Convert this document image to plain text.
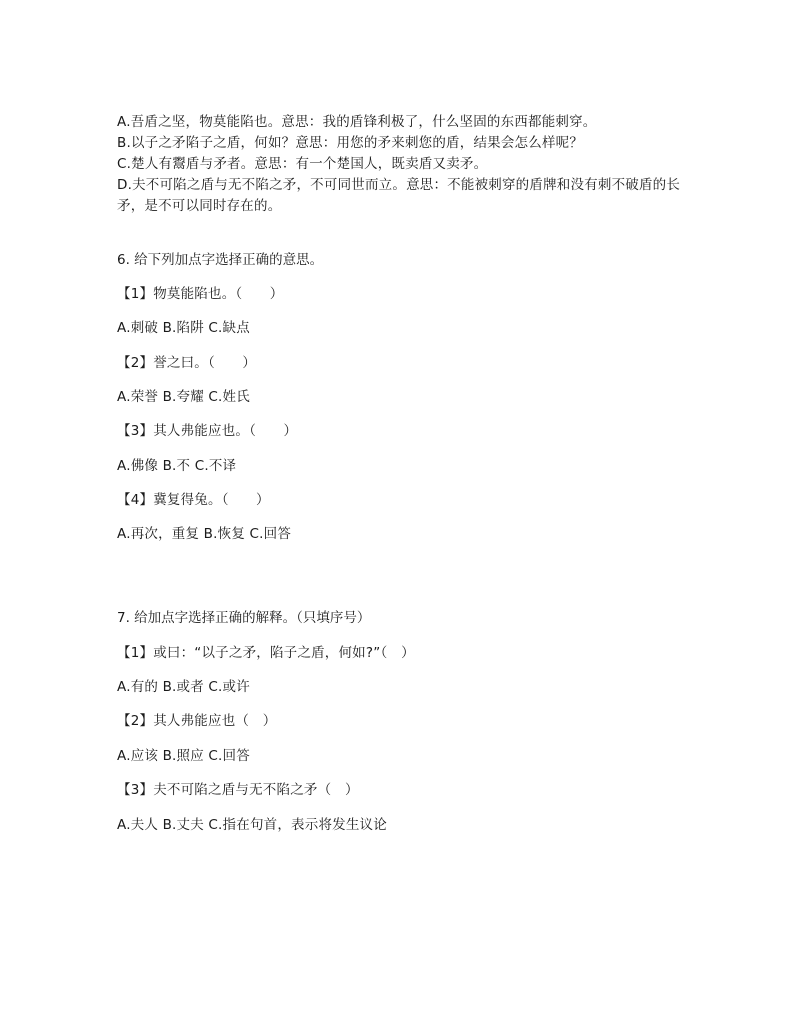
A.吾盾之坚，物莫能陷也。意思：我的盾锋利极了，什么坚固的东西都能刺穿。

B.以子之矛陷子之盾，何如？意思：用您的矛来刺您的盾，结果会怎么样呢？

C.楚人有鬻盾与矛者。意思：有一个楚国人，既卖盾又卖矛。

D.夫不可陷之盾与无不陷之矛，不可同世而立。意思：不能被刺穿的盾牌和没有刺不破盾的长矛，是不可以同时存在的。

6. 给下列加点字选择正确的意思。
【1】物莫能陷也。（　　）
A.刺破 B.陷阱 C.缺点
【2】誉之曰。（　　）
A.荣誉 B.夸耀 C.姓氏
【3】其人弗能应也。（　　）
A.佛像 B.不 C.不译
【4】冀复得兔。（　　）
A.再次，重复 B.恢复 C.回答
7. 给加点字选择正确的解释。（只填序号）
【1】或曰：“以子之矛，陷子之盾，何如?”（　）
A.有的 B.或者 C.或许
【2】其人弗能应也（　）
A.应该 B.照应 C.回答
【3】夫不可陷之盾与无不陷之矛（　）
A.夫人 B.丈夫 C.指在句首，表示将发生议论
